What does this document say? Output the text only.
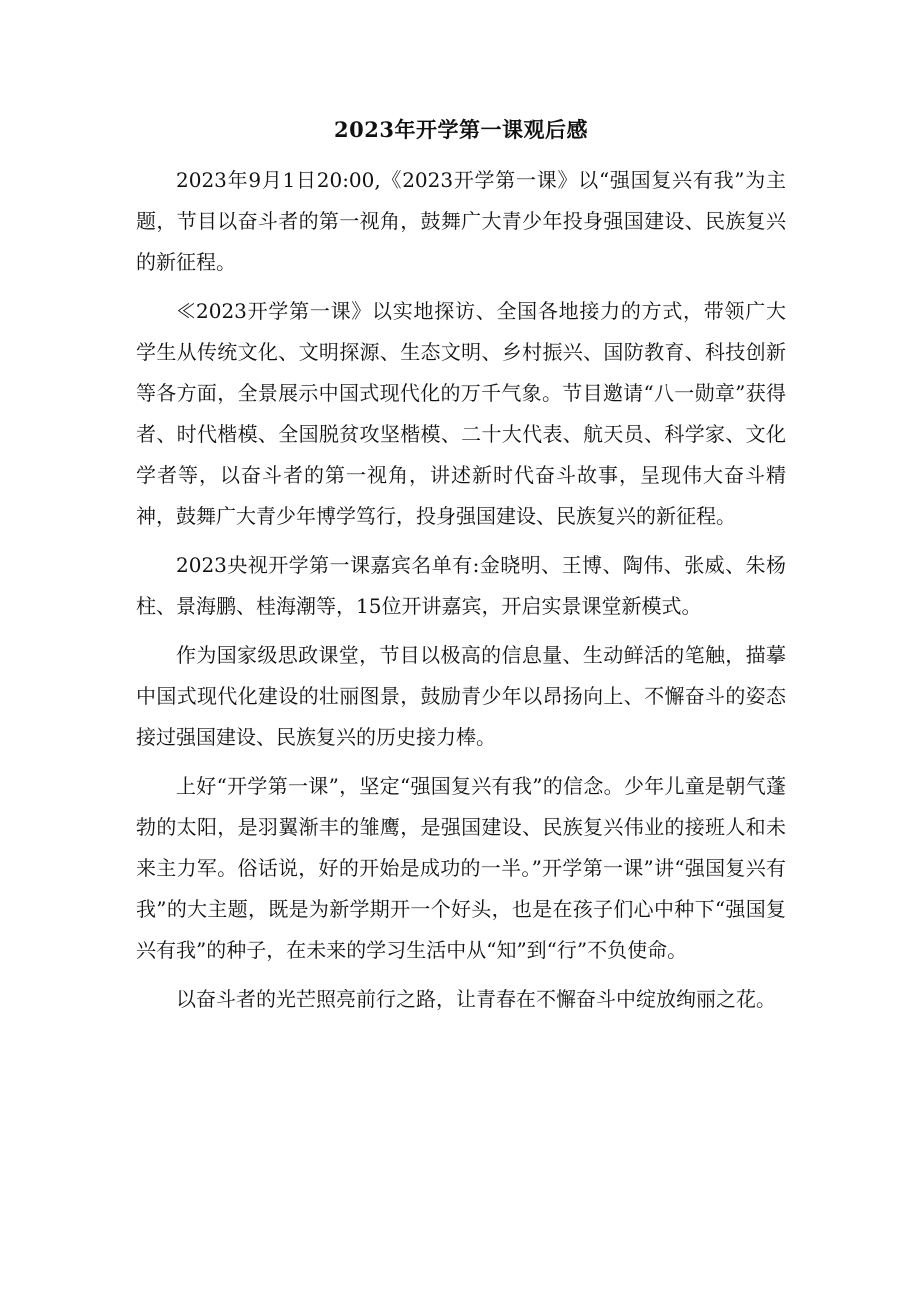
2023年开学第一课观后感

2023年9月1日20:00,《2023开学第一课》以“强国复兴有我”为主题，节目以奋斗者的第一视角，鼓舞广大青少年投身强国建设、民族复兴的新征程。

≪2023开学第一课》以实地探访、全国各地接力的方式，带领广大学生从传统文化、文明探源、生态文明、乡村振兴、国防教育、科技创新等各方面，全景展示中国式现代化的万千气象。节目邀请“八一勋章”获得者、时代楷模、全国脱贫攻坚楷模、二十大代表、航天员、科学家、文化学者等，以奋斗者的第一视角，讲述新时代奋斗故事，呈现伟大奋斗精神，鼓舞广大青少年博学笃行，投身强国建设、民族复兴的新征程。

2023央视开学第一课嘉宾名单有:金晓明、王博、陶伟、张威、朱杨柱、景海鹏、桂海潮等，15位开讲嘉宾，开启实景课堂新模式。

作为国家级思政课堂，节目以极高的信息量、生动鲜活的笔触，描摹中国式现代化建设的壮丽图景，鼓励青少年以昂扬向上、不懈奋斗的姿态接过强国建设、民族复兴的历史接力棒。

上好“开学第一课”，坚定“强国复兴有我”的信念。少年儿童是朝气蓬勃的太阳，是羽翼渐丰的雏鹰，是强国建设、民族复兴伟业的接班人和未来主力军。俗话说，好的开始是成功的一半。”开学第一课”讲“强国复兴有我”的大主题，既是为新学期开一个好头，也是在孩子们心中种下“强国复兴有我”的种子，在未来的学习生活中从“知”到“行”不负使命。

以奋斗者的光芒照亮前行之路，让青春在不懈奋斗中绽放绚丽之花。
